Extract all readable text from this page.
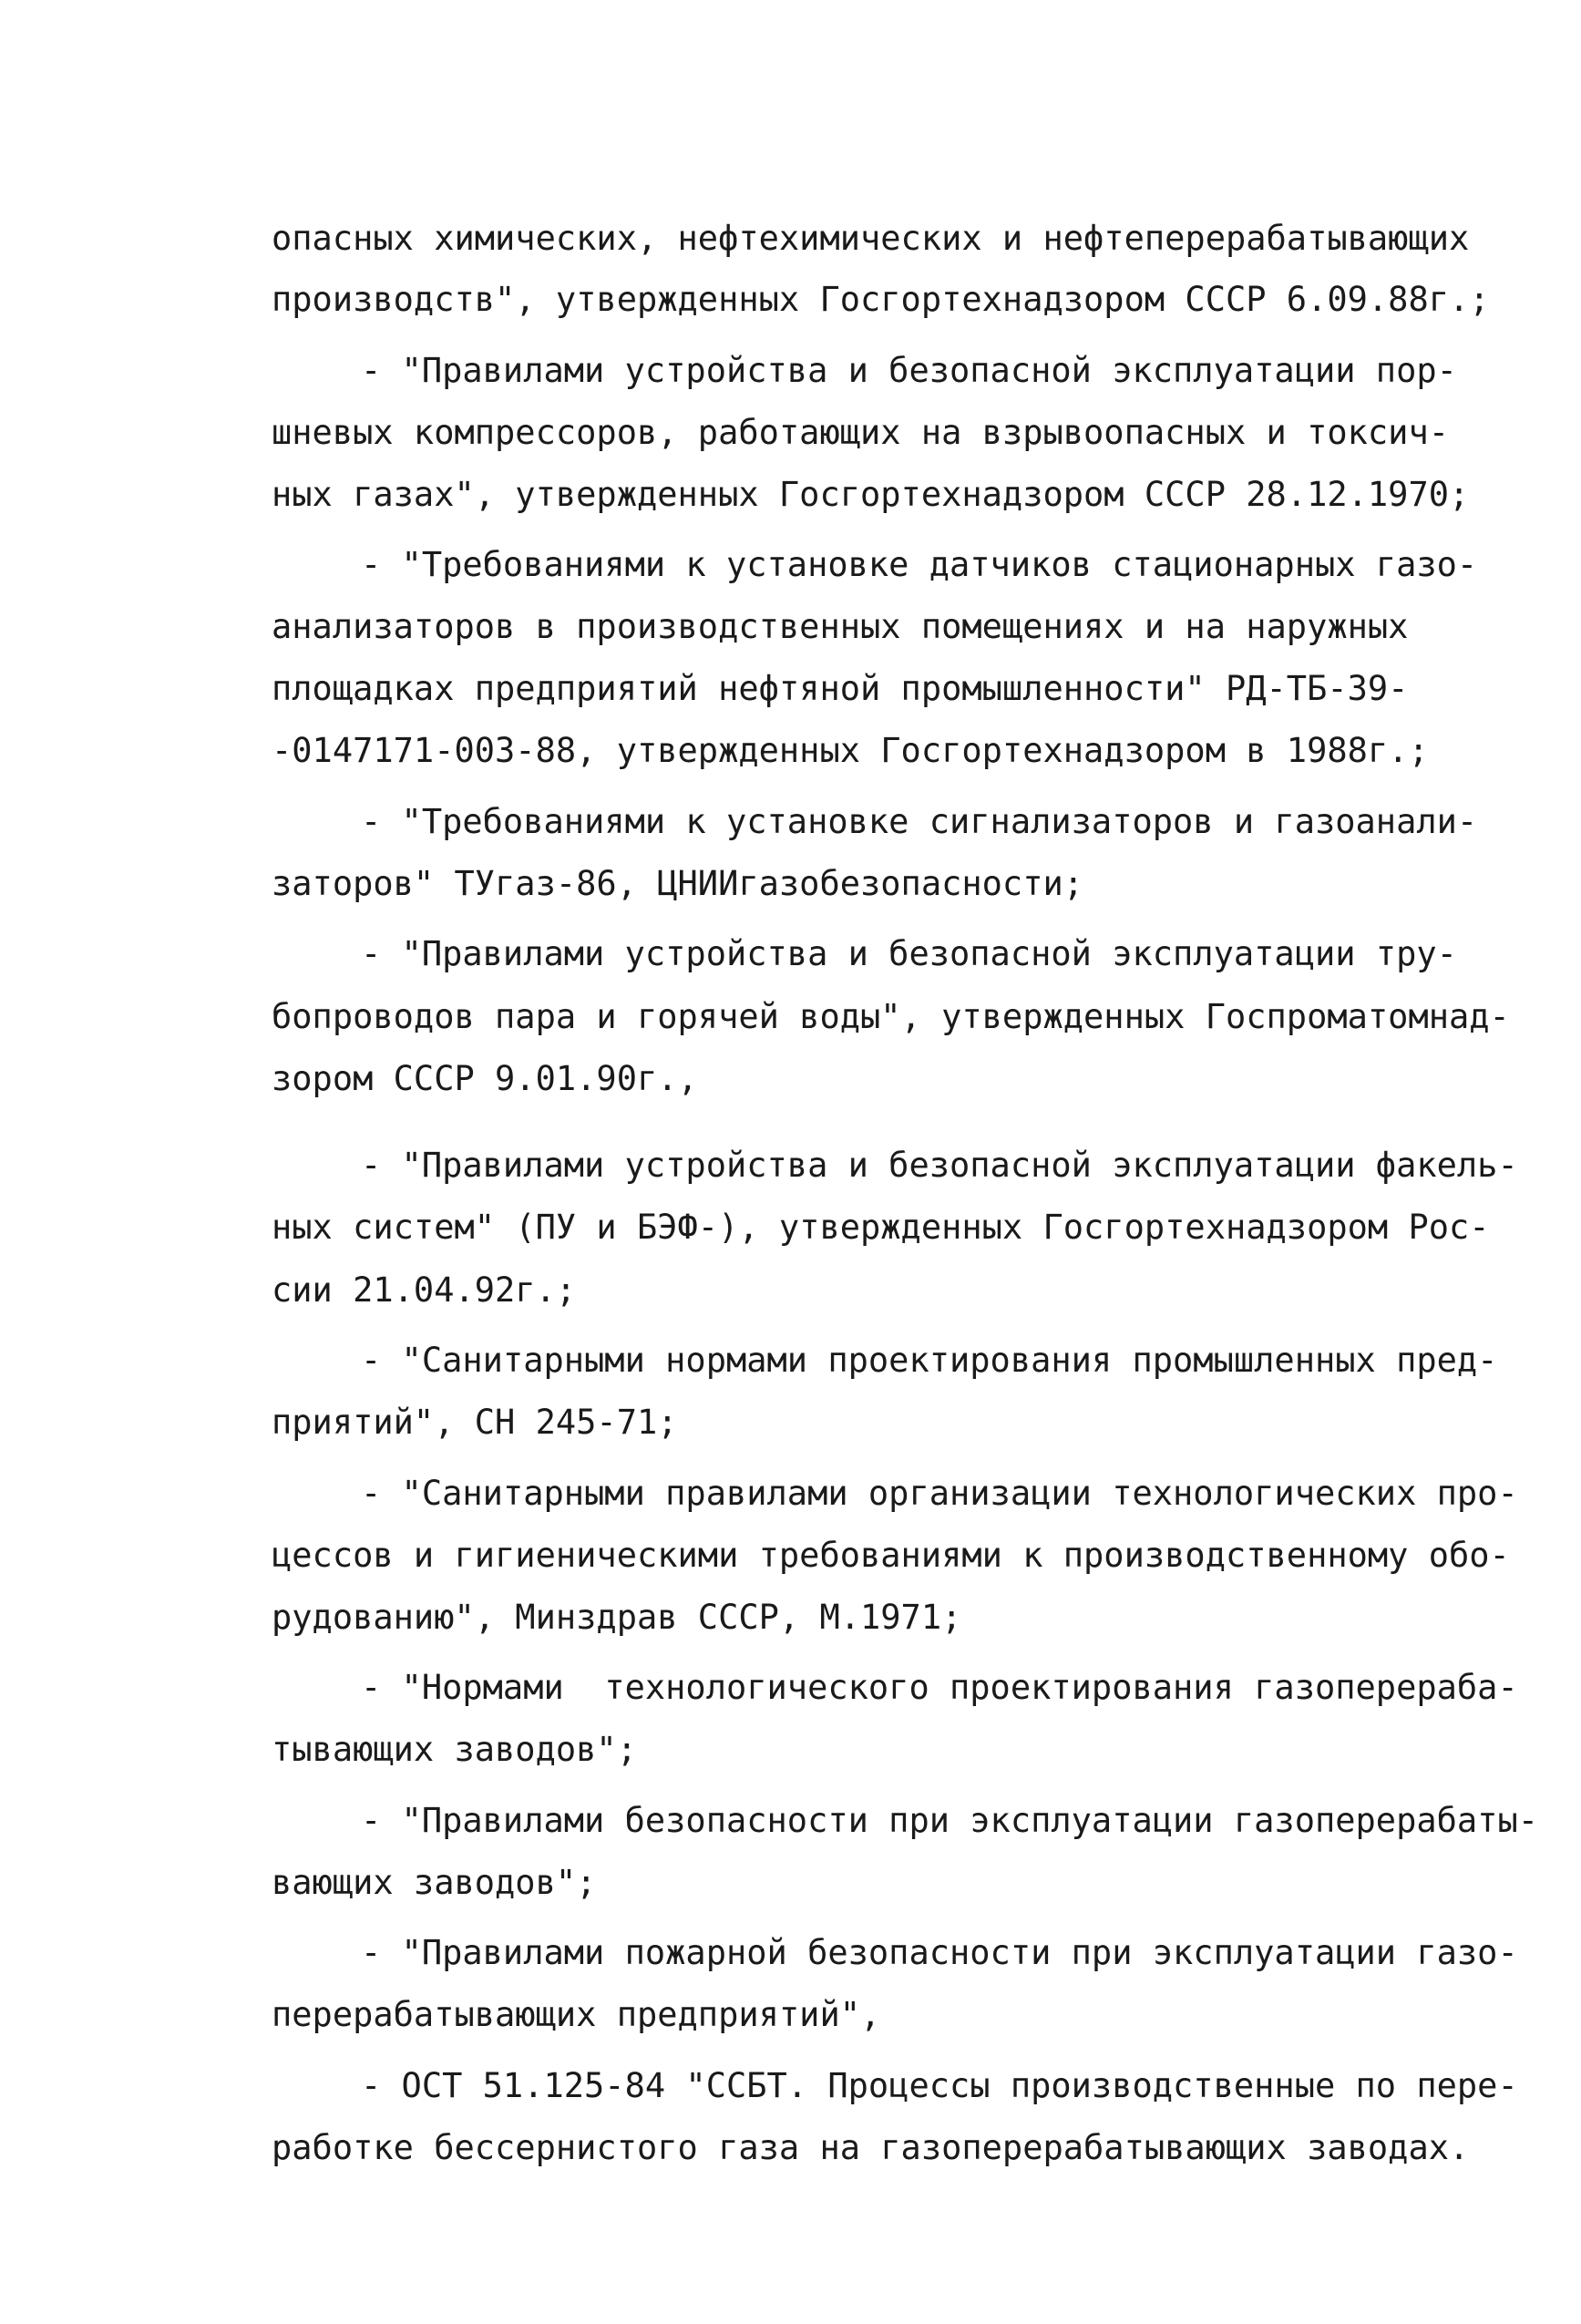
опасных химических, нефтехимических и нефтеперерабатывающих
производств", утвержденных Госгортехнадзором СССР 6.09.88г.;
- "Правилами устройства и безопасной эксплуатации пор-
шневых компрессоров, работающих на взрывоопасных и токсич-
ных газах", утвержденных Госгортехнадзором СССР 28.12.1970;
- "Требованиями к установке датчиков стационарных газо-
анализаторов в производственных помещениях и на наружных
площадках предприятий нефтяной промышленности" РД-ТБ-39-
-0147171-003-88, утвержденных Госгортехнадзором в 1988г.;
- "Требованиями к установке сигнализаторов и газоанали-
заторов" ТУгаз-86, ЦНИИгазобезопасности;
- "Правилами устройства и безопасной эксплуатации тру-
бопроводов пара и горячей воды", утвержденных Госпроматомнад-
зором СССР 9.01.90г.,
- "Правилами устройства и безопасной эксплуатации факель-
ных систем" (ПУ и БЭФ-), утвержденных Госгортехнадзором Рос-
сии 21.04.92г.;
- "Санитарными нормами проектирования промышленных пред-
приятий", СН 245-71;
- "Санитарными правилами организации технологических про-
цессов и гигиеническими требованиями к производственному обо-
рудованию", Минздрав СССР, М.1971;
- "Нормами  технологического проектирования газоперераба-
тывающих заводов";
- "Правилами безопасности при эксплуатации газоперерабаты-
вающих заводов";
- "Правилами пожарной безопасности при эксплуатации газо-
перерабатывающих предприятий",
- ОСТ 51.125-84 "ССБТ. Процессы производственные по пере-
работке бессернистого газа на газоперерабатывающих заводах.
